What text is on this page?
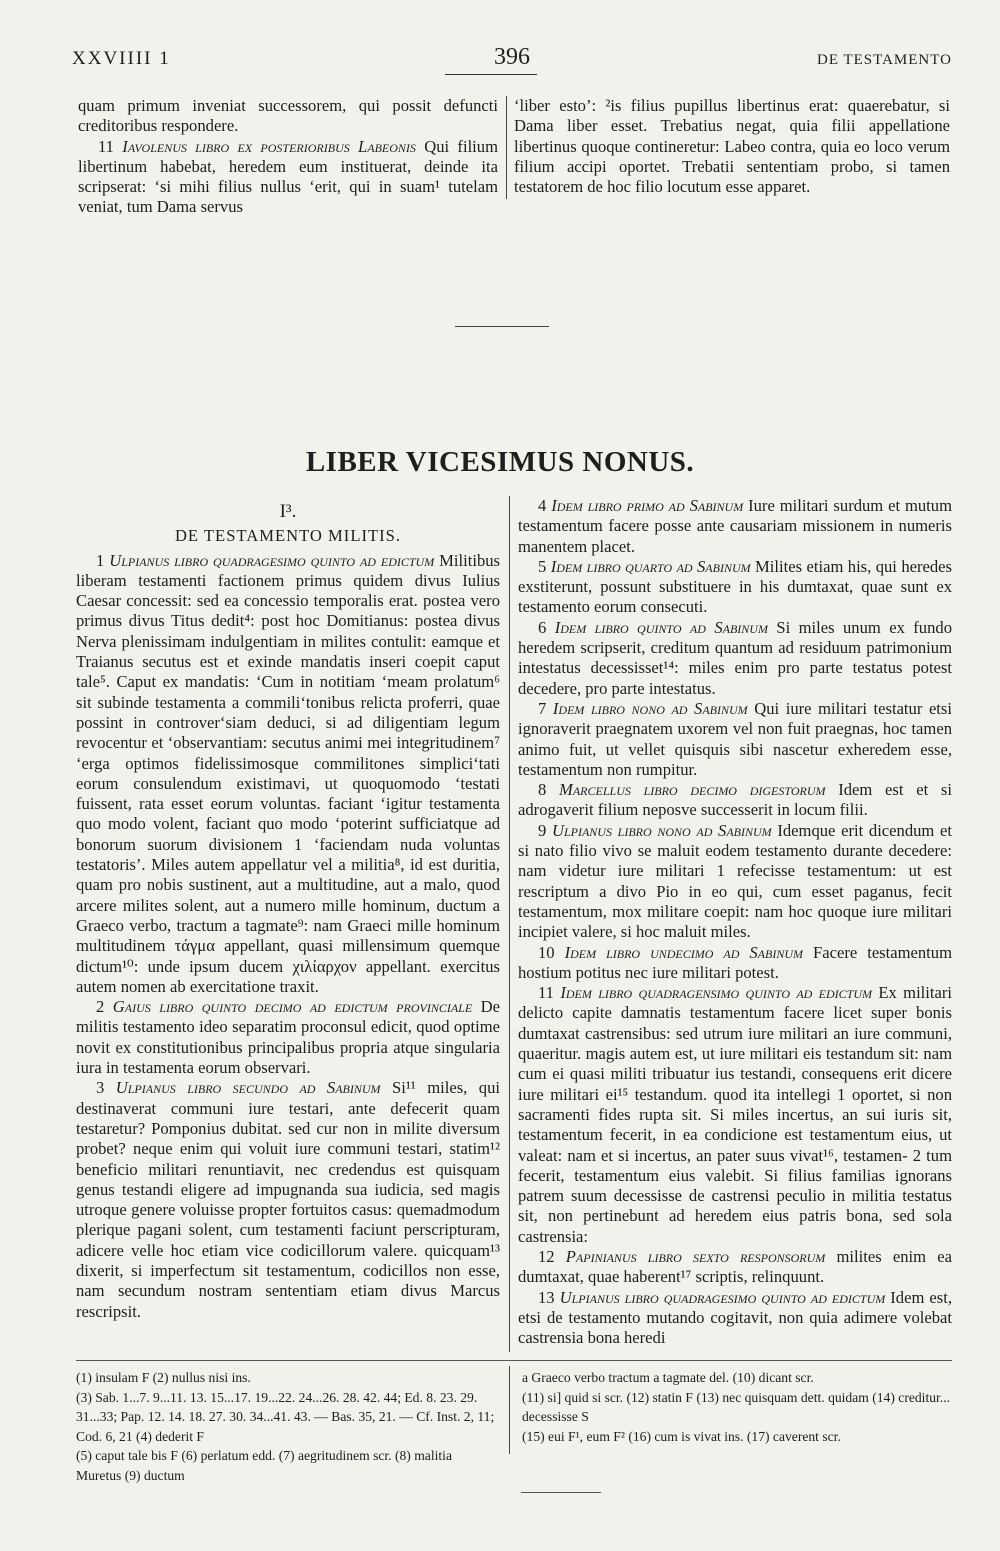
XXVIIII 1	396	DE TESTAMENTO

quam primum inveniat successorem, qui possit defuncti creditoribus respondere.

11 Iavolenus libro ex posterioribus Labeonis Qui filium libertinum habebat, heredem eum instituerat, deinde ita scripserat: ‘si mihi filius nullus ‘erit, qui in suam¹ tutelam veniat, tum Dama servus

‘liber esto’: ²is filius pupillus libertinus erat: quaerebatur, si Dama liber esset. Trebatius negat, quia filii appellatione libertinus quoque contineretur: Labeo contra, quia eo loco verum filium accipi oportet. Trebatii sententiam probo, si tamen testatorem de hoc filio locutum esse apparet.

LIBER VICESIMUS NONUS.

I³.

DE TESTAMENTO MILITIS.

1 Ulpianus libro quadragesimo quinto ad edictum Militibus liberam testamenti factionem primus quidem divus Iulius Caesar concessit: sed ea concessio temporalis erat. postea vero primus divus Titus dedit⁴: post hoc Domitianus: postea divus Nerva plenissimam indulgentiam in milites contulit: eamque et Traianus secutus est et exinde mandatis inseri coepit caput tale⁵. Caput ex mandatis: ‘Cum in notitiam ‘meam prolatum⁶ sit subinde testamenta a commili‘tonibus relicta proferri, quae possint in controver‘siam deduci, si ad diligentiam legum revocentur et ‘observantiam: secutus animi mei integritudinem⁷ ‘erga optimos fidelissimosque commilitones simplici‘tati eorum consulendum existimavi, ut quoquomodo ‘testati fuissent, rata esset eorum voluntas. faciant ‘igitur testamenta quo modo volent, faciant quo modo ‘poterint sufficiatque ad bonorum suorum divisionem 1 ‘faciendam nuda voluntas testatoris’. Miles autem appellatur vel a militia⁸, id est duritia, quam pro nobis sustinent, aut a multitudine, aut a malo, quod arcere milites solent, aut a numero mille hominum, ductum a Graeco verbo, tractum a tagmate⁹: nam Graeci mille hominum multitudinem τάγμα appellant, quasi millensimum quemque dictum¹⁰: unde ipsum ducem χιλίαρχον appellant. exercitus autem nomen ab exercitatione traxit.

2 Gaius libro quinto decimo ad edictum provinciale De militis testamento ideo separatim proconsul edicit, quod optime novit ex constitutionibus principalibus propria atque singularia iura in testamenta eorum observari.

3 Ulpianus libro secundo ad Sabinum Si¹¹ miles, qui destinaverat communi iure testari, ante defecerit quam testaretur? Pomponius dubitat. sed cur non in milite diversum probet? neque enim qui voluit iure communi testari, statim¹² beneficio militari renuntiavit, nec credendus est quisquam genus testandi eligere ad impugnanda sua iudicia, sed magis utroque genere voluisse propter fortuitos casus: quemadmodum plerique pagani solent, cum testamenti faciunt perscripturam, adicere velle hoc etiam vice codicillorum valere. quicquam¹³ dixerit, si imperfectum sit testamentum, codicillos non esse, nam secundum nostram sententiam etiam divus Marcus rescripsit.

4 Idem libro primo ad Sabinum Iure militari surdum et mutum testamentum facere posse ante causariam missionem in numeris manentem placet.

5 Idem libro quarto ad Sabinum Milites etiam his, qui heredes exstiterunt, possunt substituere in his dumtaxat, quae sunt ex testamento eorum consecuti.

6 Idem libro quinto ad Sabinum Si miles unum ex fundo heredem scripserit, creditum quantum ad residuum patrimonium intestatus decessisset¹⁴: miles enim pro parte testatus potest decedere, pro parte intestatus.

7 Idem libro nono ad Sabinum Qui iure militari testatur etsi ignoraverit praegnatem uxorem vel non fuit praegnas, hoc tamen animo fuit, ut vellet quisquis sibi nascetur exheredem esse, testamentum non rumpitur.

8 Marcellus libro decimo digestorum Idem est et si adrogaverit filium neposve successerit in locum filii.

9 Ulpianus libro nono ad Sabinum Idemque erit dicendum et si nato filio vivo se maluit eodem testamento durante decedere: nam videtur iure militari 1 refecisse testamentum: ut est rescriptum a divo Pio in eo qui, cum esset paganus, fecit testamentum, mox militare coepit: nam hoc quoque iure militari incipiet valere, si hoc maluit miles.

10 Idem libro undecimo ad Sabinum Facere testamentum hostium potitus nec iure militari potest.

11 Idem libro quadragensimo quinto ad edictum Ex militari delicto capite damnatis testamentum facere licet super bonis dumtaxat castrensibus: sed utrum iure militari an iure communi, quaeritur. magis autem est, ut iure militari eis testandum sit: nam cum ei quasi militi tribuatur ius testandi, consequens erit dicere iure militari ei¹⁵ testandum. quod ita intellegi 1 oportet, si non sacramenti fides rupta sit. Si miles incertus, an sui iuris sit, testamentum fecerit, in ea condicione est testamentum eius, ut valeat: nam et si incertus, an pater suus vivat¹⁶, testamen- 2 tum fecerit, testamentum eius valebit. Si filius familias ignorans patrem suum decessisse de castrensi peculio in militia testatus sit, non pertinebunt ad heredem eius patris bona, sed sola castrensia:

12 Papinianus libro sexto responsorum milites enim ea dumtaxat, quae haberent¹⁷ scriptis, relinquunt.

13 Ulpianus libro quadragesimo quinto ad edictum Idem est, etsi de testamento mutando cogitavit, non quia adimere volebat castrensia bona heredi

(1) insulam F (2) nullus nisi ins.

(3) Sab. 1...7. 9...11. 13. 15...17. 19...22. 24...26. 28. 42. 44; Ed. 8. 23. 29. 31...33; Pap. 12. 14. 18. 27. 30. 34...41. 43. — Bas. 35, 21. — Cf. Inst. 2, 11; Cod. 6, 21 (4) dederit F

(5) caput tale bis F (6) perlatum edd. (7) aegritudinem scr. (8) malitia Muretus (9) ductum

a Graeco verbo tractum a tagmate del. (10) dicant scr.

(11) si] quid si scr. (12) statin F (13) nec quisquam dett. quidam (14) creditur... decessisse S

(15) eui F¹, eum F² (16) cum is vivat ins. (17) caverent scr.
